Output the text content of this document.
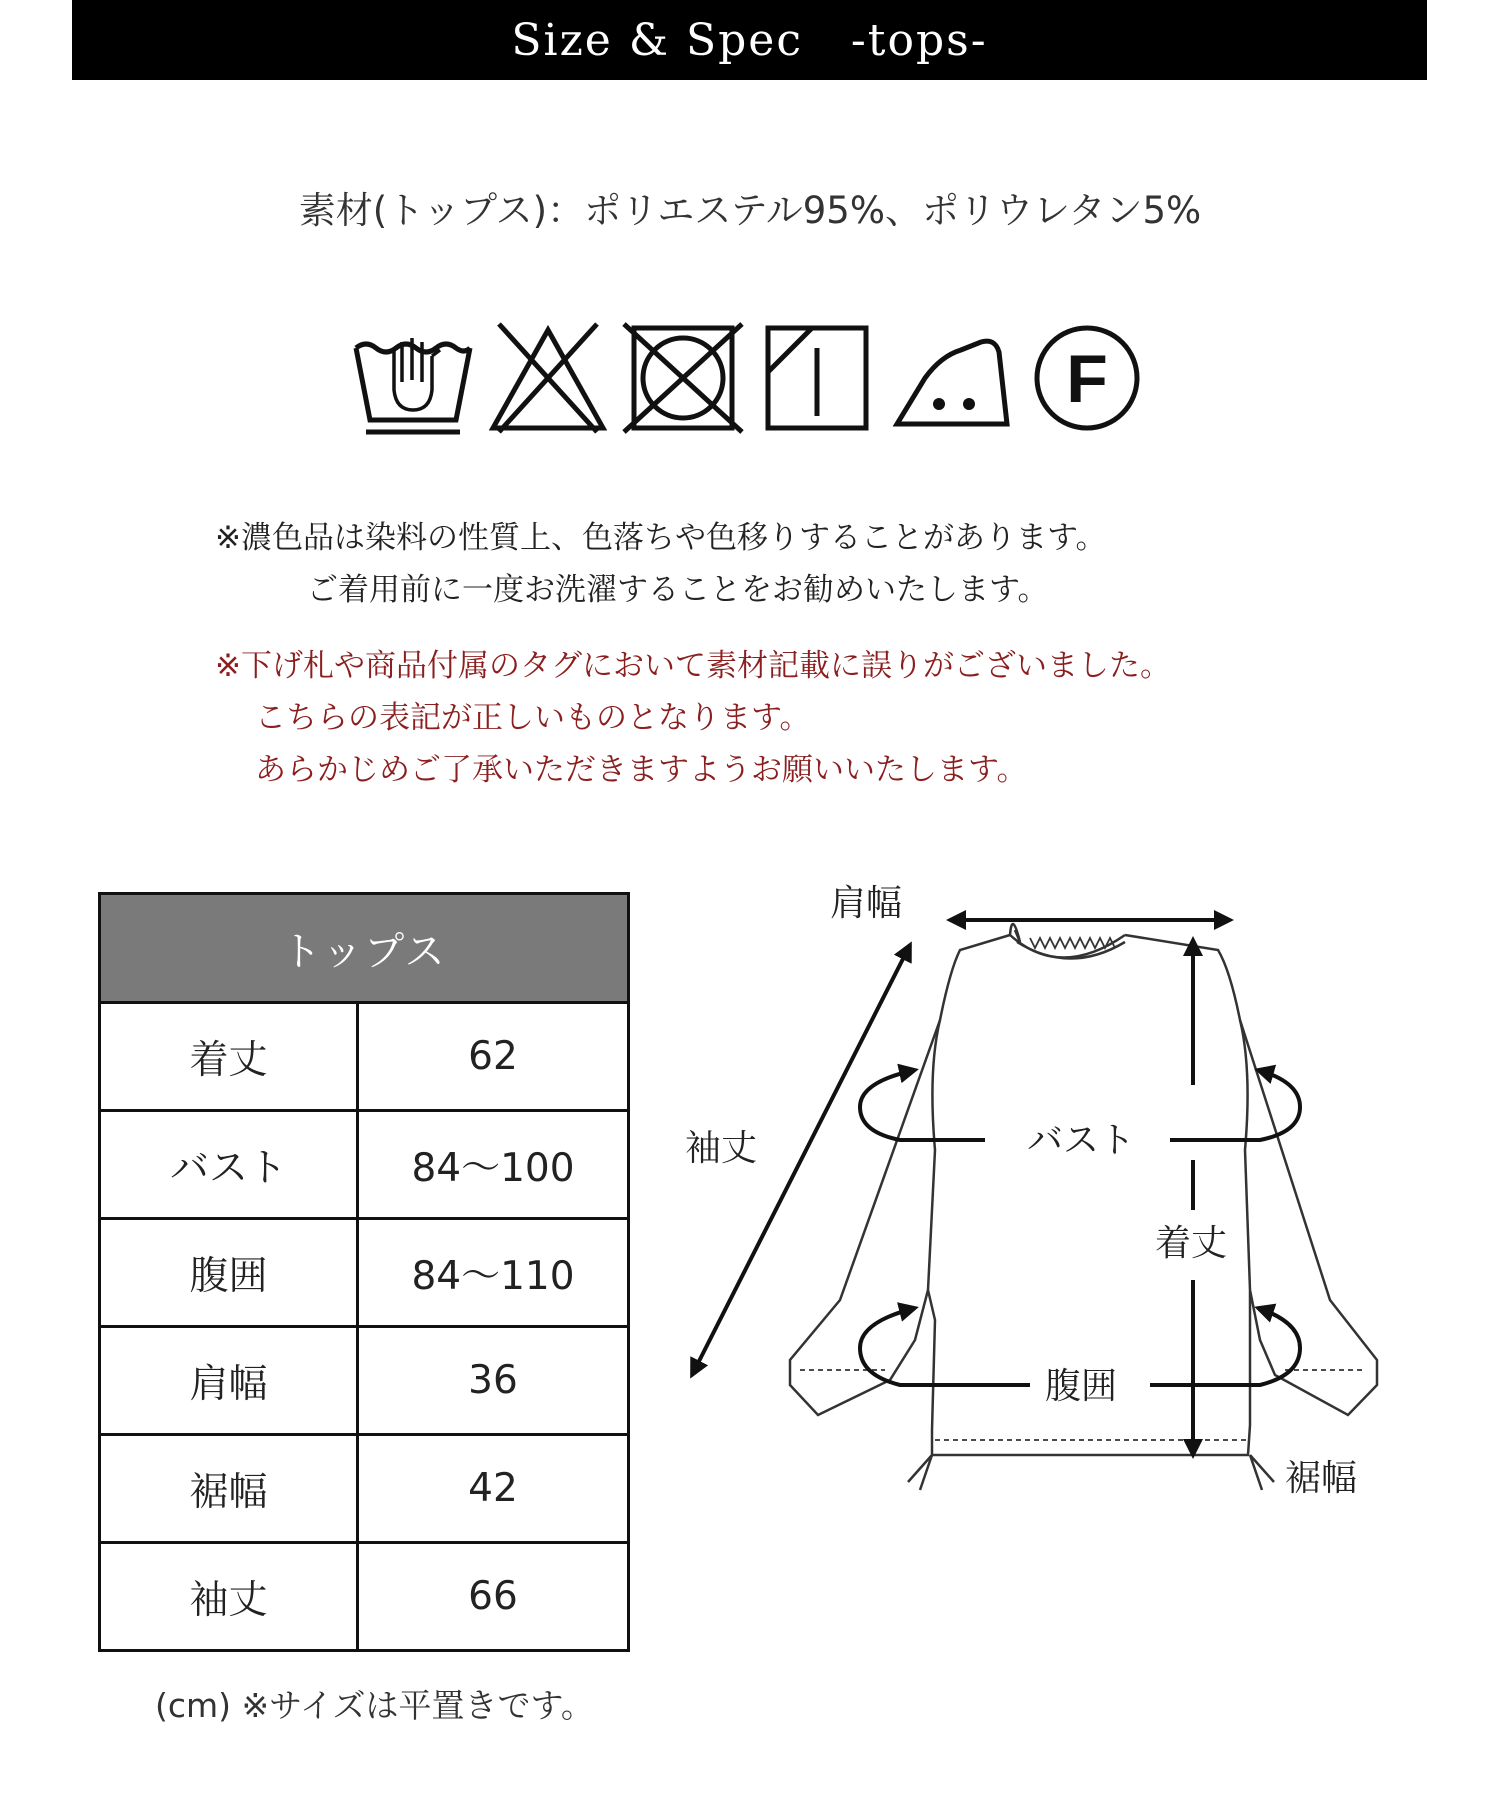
Size & Spec   -tops-
素材(トップス)：ポリエステル95%、ポリウレタン5%
F
※濃色品は染料の性質上、色落ちや色移りすることがあります。
ご着用前に一度お洗濯することをお勧めいたします。
※下げ札や商品付属のタグにおいて素材記載に誤りがございました。
こちらの表記が正しいものとなります。
あらかじめご了承いただきますようお願いいたします。
トップス	
着丈	62
バスト	84〜100
腹囲	84〜110
肩幅	36
裾幅	42
袖丈	66
(cm) ※サイズは平置きです。
肩幅
袖丈	バスト
着丈
腹囲
裾幅
